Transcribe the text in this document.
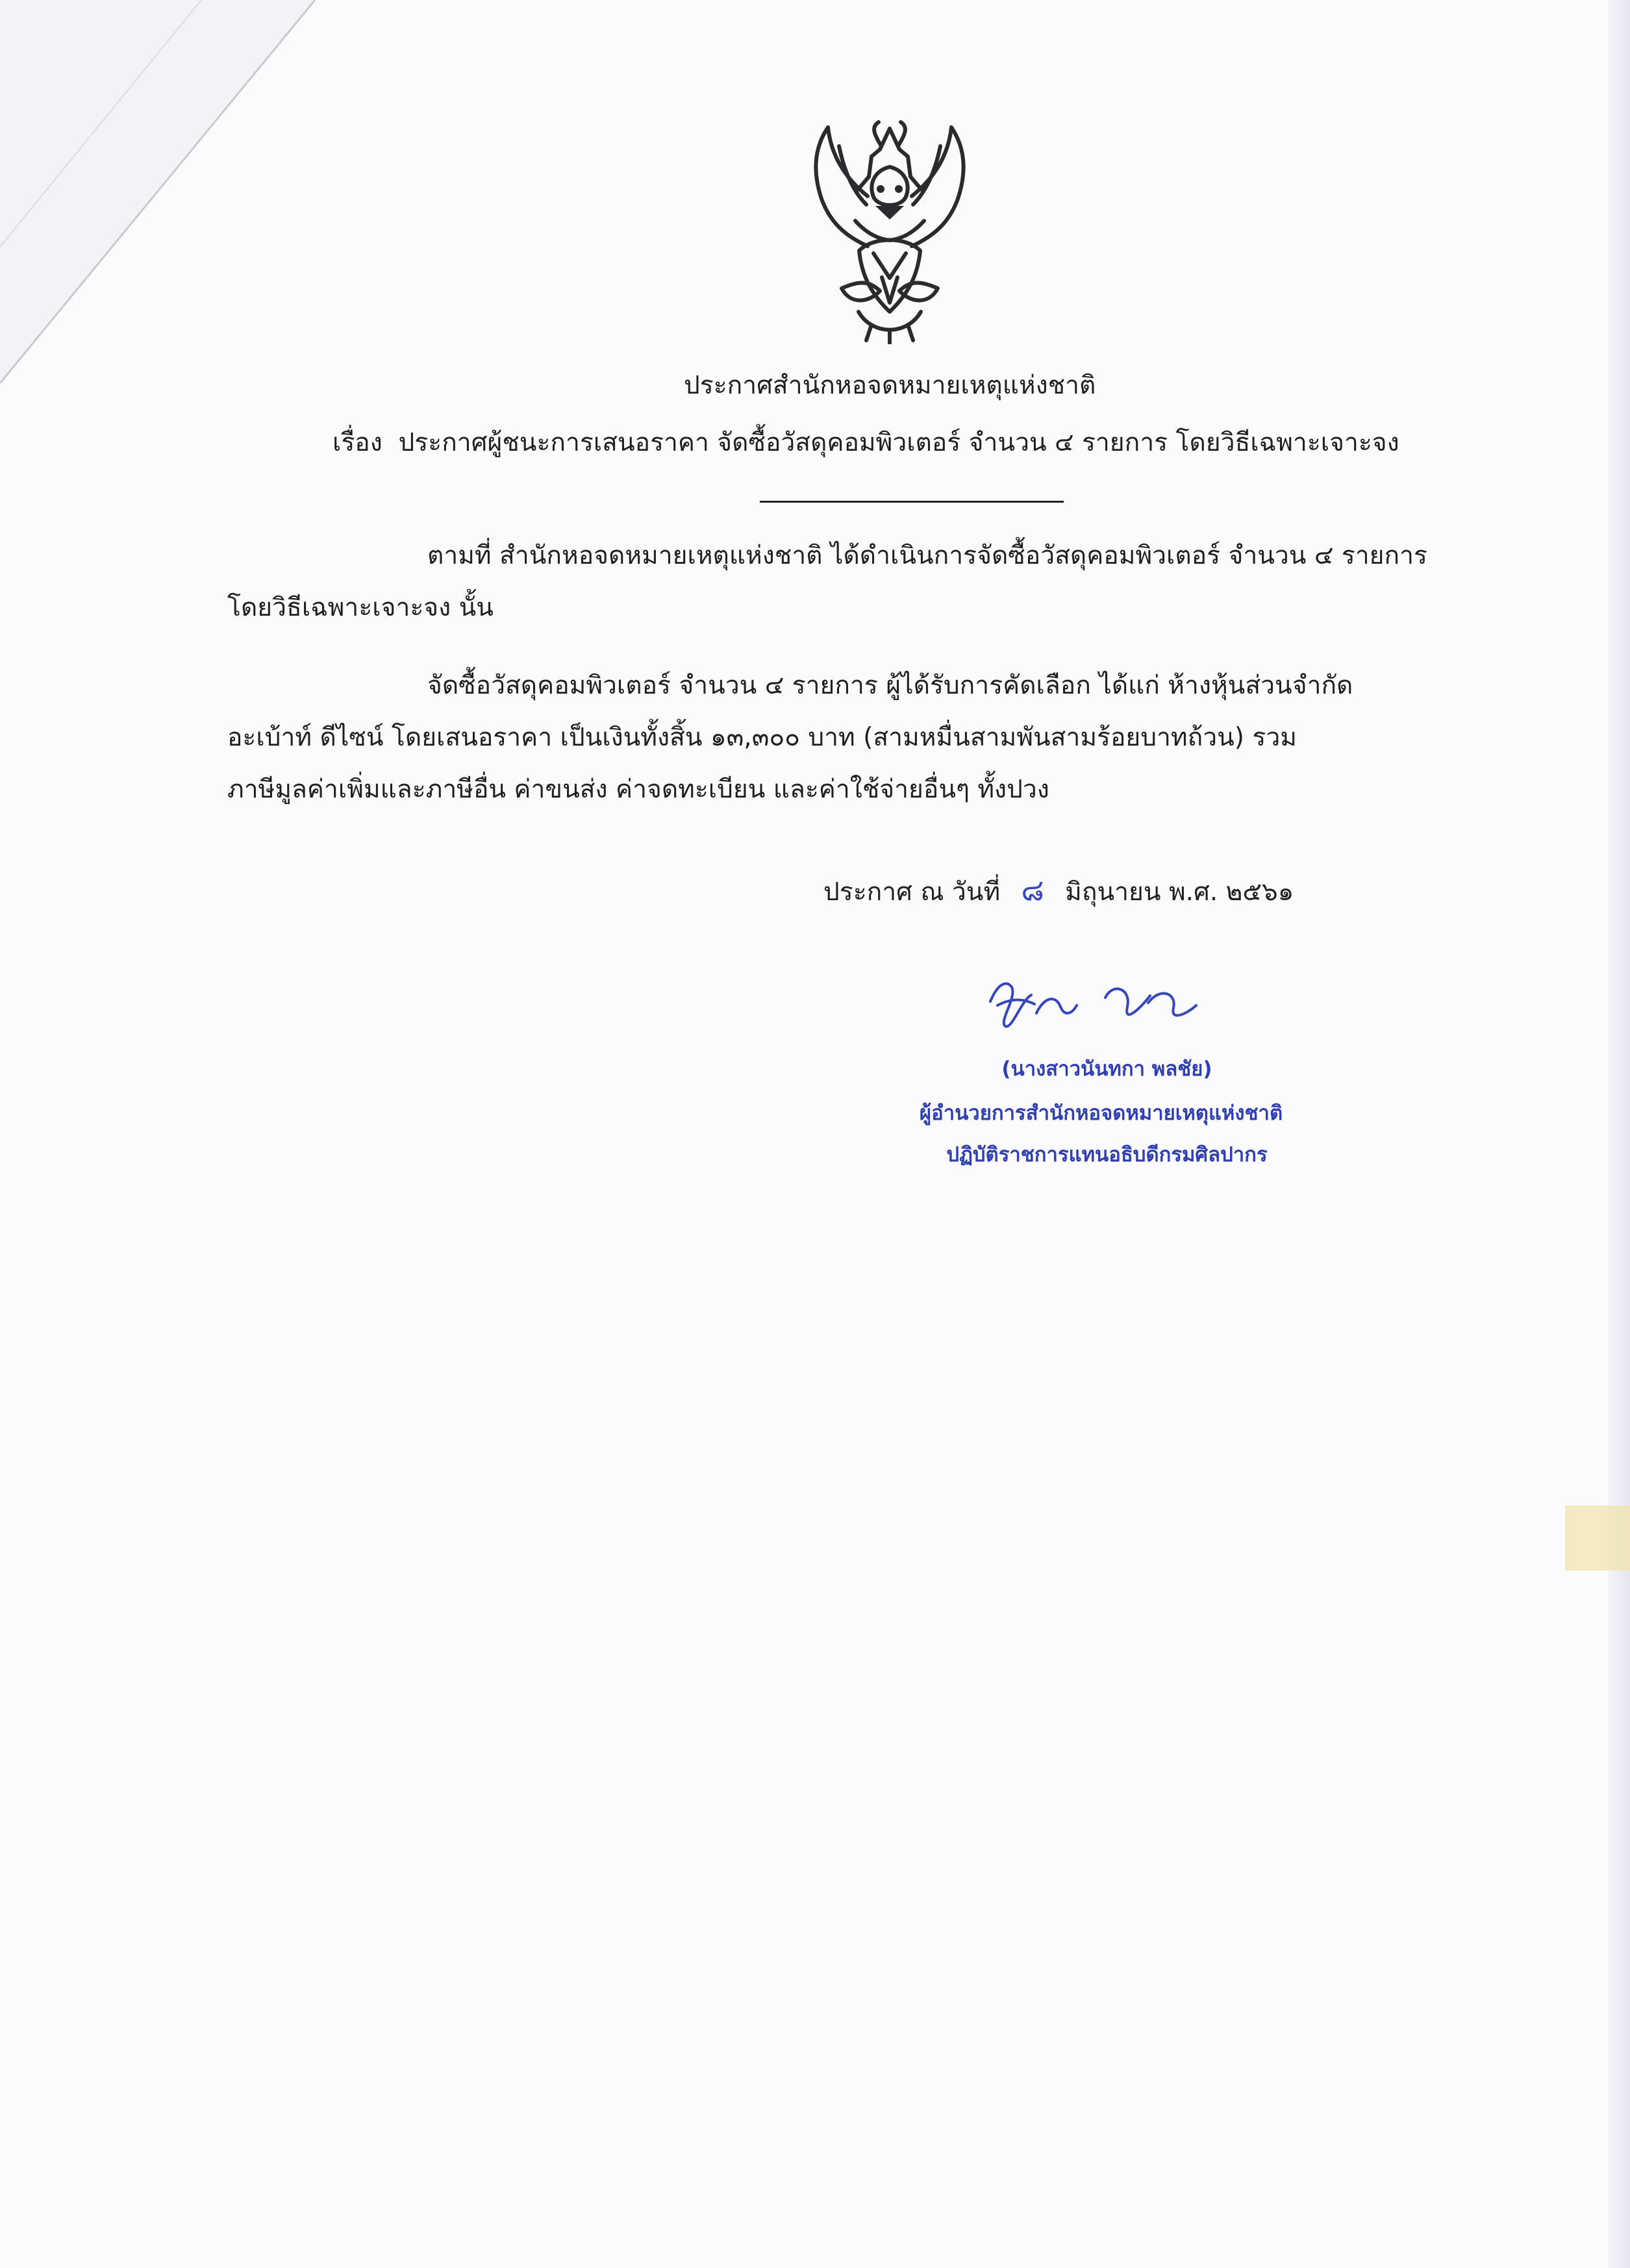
ประกาศสำนักหอจดหมายเหตุแห่งชาติ
เรื่อง ประกาศผู้ชนะการเสนอราคา จัดซื้อวัสดุคอมพิวเตอร์ จำนวน ๔ รายการ โดยวิธีเฉพาะเจาะจง
ตามที่ สำนักหอจดหมายเหตุแห่งชาติ ได้ดำเนินการจัดซื้อวัสดุคอมพิวเตอร์ จำนวน ๔ รายการ
โดยวิธีเฉพาะเจาะจง นั้น
จัดซื้อวัสดุคอมพิวเตอร์ จำนวน ๔ รายการ ผู้ได้รับการคัดเลือก ได้แก่ ห้างหุ้นส่วนจำกัด
อะเบ้าท์ ดีไซน์ โดยเสนอราคา เป็นเงินทั้งสิ้น ๑๓,๓๐๐ บาท (สามหมื่นสามพันสามร้อยบาทถ้วน) รวม
ภาษีมูลค่าเพิ่มและภาษีอื่น ค่าขนส่ง ค่าจดทะเบียน และค่าใช้จ่ายอื่นๆ ทั้งปวง
ประกาศ ณ วันที่ ๘ มิถุนายน พ.ศ. ๒๕๖๑
(นางสาวนันทกา พลชัย)
ผู้อำนวยการสำนักหอจดหมายเหตุแห่งชาติ
ปฏิบัติราชการแทนอธิบดีกรมศิลปากร
